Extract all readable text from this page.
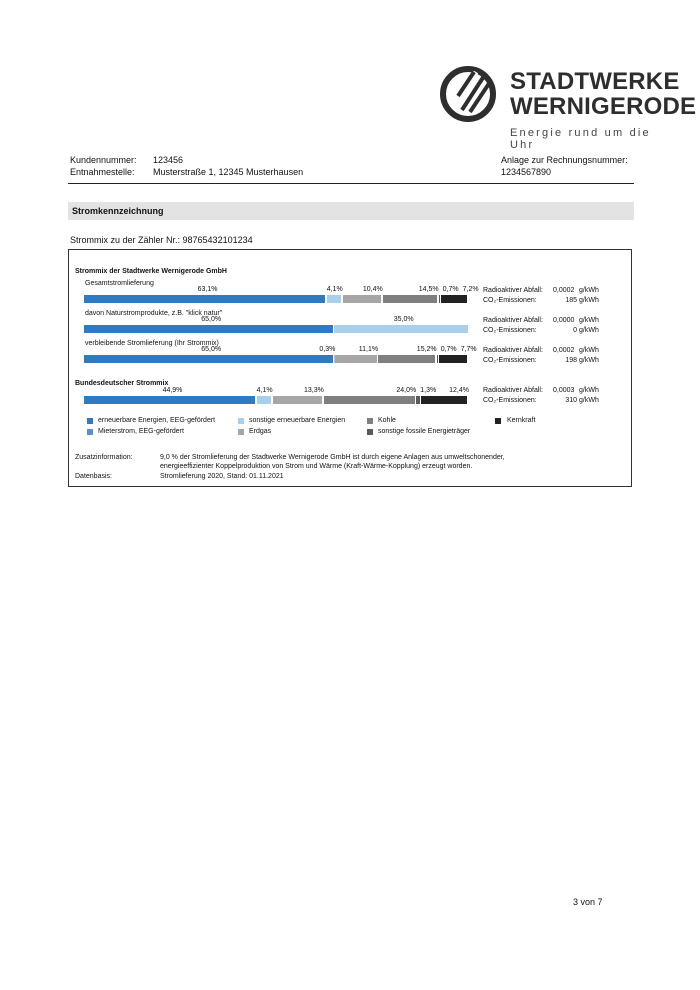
STADTWERKE
WERNIGERODE
Energie rund um die Uhr
Kundennummer: 123456
Entnahmestelle: Musterstraße 1, 12345 Musterhausen
Anlage zur Rechnungsnummer:
1234567890
Stromkennzeichnung
Strommix zu der Zähler Nr.: 98765432101234
Strommix der Stadtwerke Wernigerode GmbH
Gesamtstromlieferung
Radioaktiver Abfall: 0,0002 g/kWh
CO₂-Emissionen:	185 g/kWh
davon Naturstromprodukte, z.B. "klick natur"
Radioaktiver Abfall: 0,0000 g/kWh
CO₂-Emissionen:	0 g/kWh
verbleibende Stromlieferung (Ihr Strommix)
Radioaktiver Abfall: 0,0002 g/kWh
CO₂-Emissionen:	198 g/kWh
Bundesdeutscher Strommix
Radioaktiver Abfall: 0,0003 g/kWh
CO₂-Emissionen:	310 g/kWh
erneuerbare Energien, EEG-gefördert	sonstige erneuerbare Energien	Kohle	Kernkraft
Mieterstrom, EEG-gefördert	Erdgas	sonstige fossile Energieträger
Zusatzinformation:	9,0 % der Stromlieferung der Stadtwerke Wernigerode GmbH ist durch eigene Anlagen aus umweltschonender,
energieeffizienter Koppelproduktion von Strom und Wärme (Kraft-Wärme-Kopplung) erzeugt worden.
Datenbasis:	Stromlieferung 2020, Stand: 01.11.2021
63,1%	4,1%	10,4%	14,5% 0,7% 7,2%
65,0%	35,0%
65,0%	0,3%	11,1%	15,2% 0,7% 7,7%
44,9%	4,1%	13,3%	24,0% 1,3%	12,4%
3 von 7
